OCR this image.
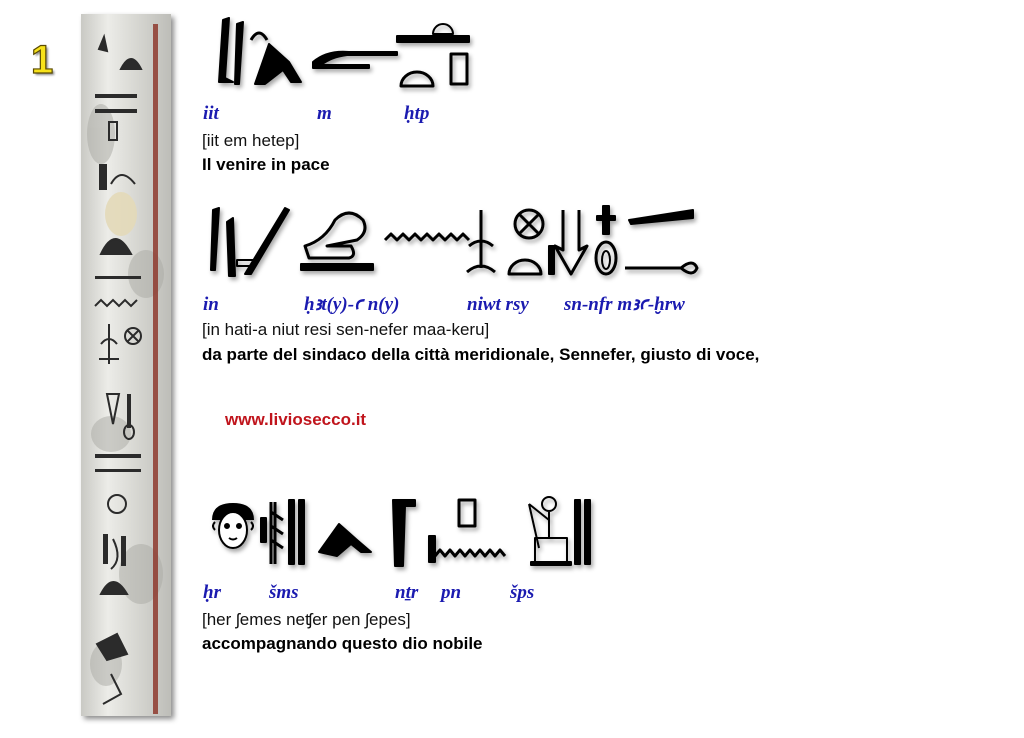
1
iit	m	ḥtp
[iit em hetep]
Il venire in pace
in	ḥꜣt(y)-ꜥ n(y)	niwt rsy sn-nfr mꜣꜥ-ḫrw
[in hati-a niut resi sen-nefer maa-keru]
da parte del sindaco della città meridionale, Sennefer, giusto di voce,
www.liviosecco.it
ḥr	šms	nṯr pn	šps
[her ʃemes neʧer pen ʃepes]
accompagnando questo dio nobile
